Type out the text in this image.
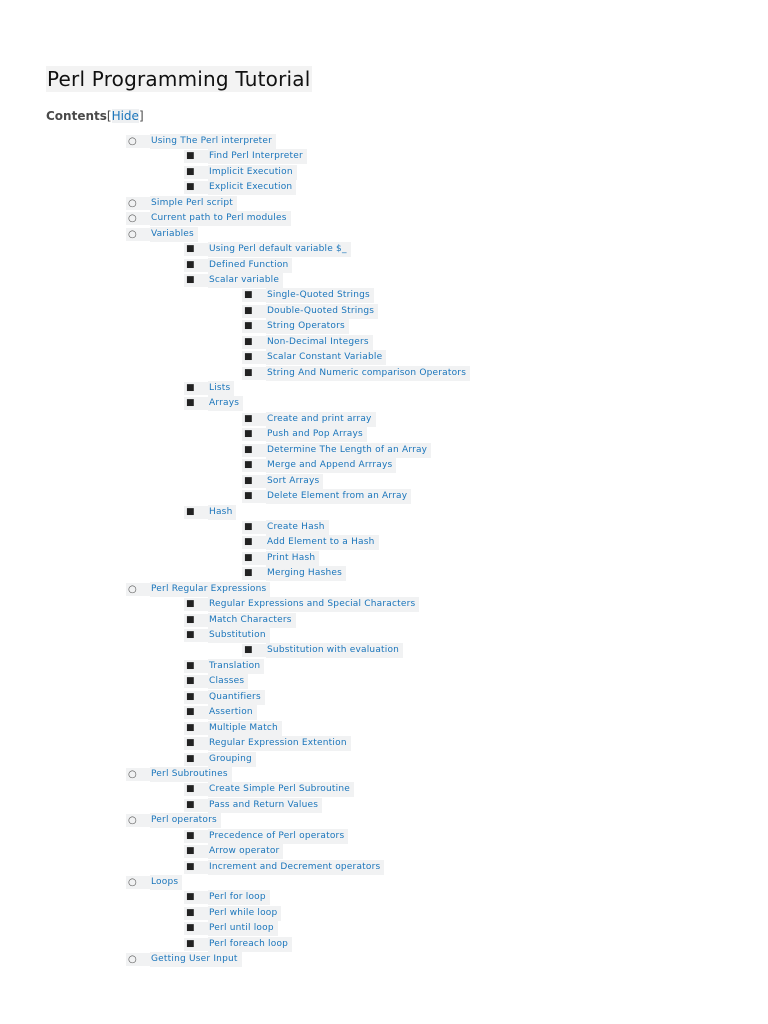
Perl Programming Tutorial
Contents[Hide]
○ Using The Perl interpreter
■ Find Perl Interpreter
■ Implicit Execution
■ Explicit Execution
○ Simple Perl script
○ Current path to Perl modules
○ Variables
■ Using Perl default variable $_
■ Defined Function
■ Scalar variable
■ Single-Quoted Strings
■ Double-Quoted Strings
■ String Operators
■ Non-Decimal Integers
■ Scalar Constant Variable
■ String And Numeric comparison Operators
■ Lists
■ Arrays
■ Create and print array
■ Push and Pop Arrays
■ Determine The Length of an Array
■ Merge and Append Arrrays
■ Sort Arrays
■ Delete Element from an Array
■ Hash
■ Create Hash
■ Add Element to a Hash
■ Print Hash
■ Merging Hashes
○ Perl Regular Expressions
■ Regular Expressions and Special Characters
■ Match Characters
■ Substitution
■ Substitution with evaluation
■ Translation
■ Classes
■ Quantifiers
■ Assertion
■ Multiple Match
■ Regular Expression Extention
■ Grouping
○ Perl Subroutines
■ Create Simple Perl Subroutine
■ Pass and Return Values
○ Perl operators
■ Precedence of Perl operators
■ Arrow operator
■ Increment and Decrement operators
○ Loops
■ Perl for loop
■ Perl while loop
■ Perl until loop
■ Perl foreach loop
○ Getting User Input
